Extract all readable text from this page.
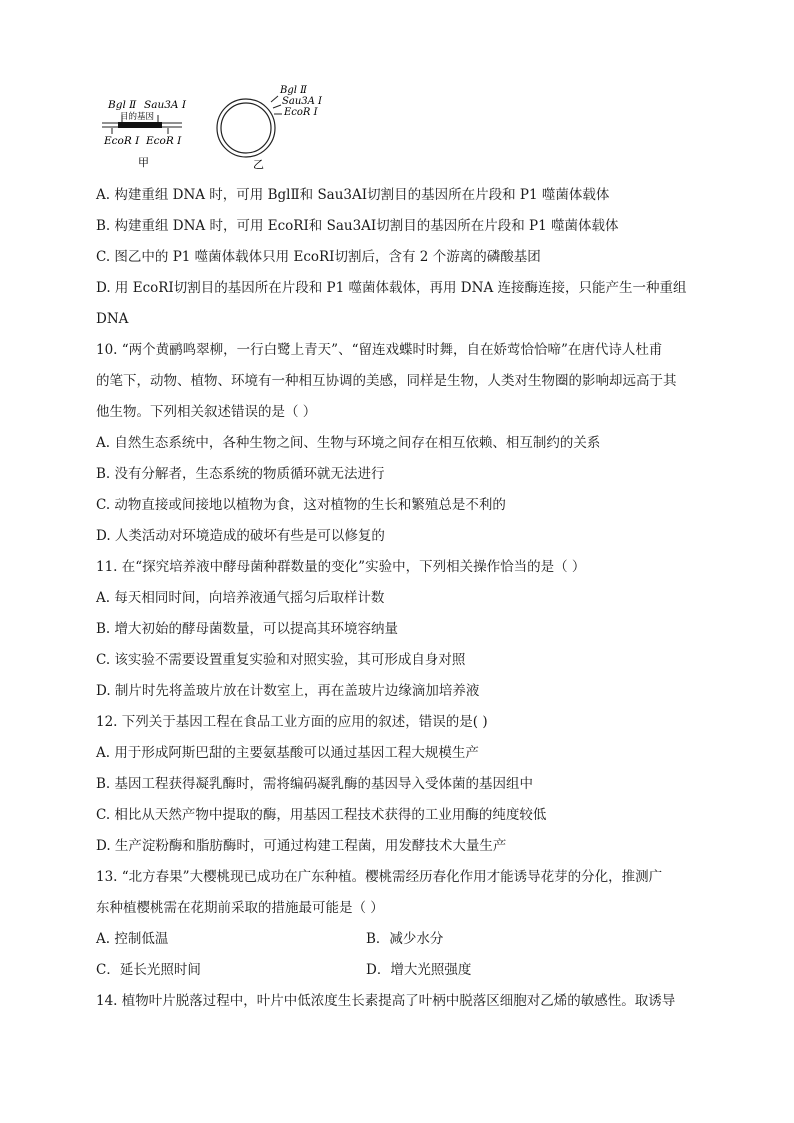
Bgl Ⅱ Sau3A Ⅰ
目的基因
EcoR Ⅰ EcoR Ⅰ
甲
Bgl Ⅱ
Sau3A Ⅰ
EcoR Ⅰ
乙
A. 构建重组 DNA 时，可用 BglⅡ和 Sau3AⅠ切割目的基因所在片段和 P1 噬菌体载体
B. 构建重组 DNA 时，可用 EcoRⅠ和 Sau3AⅠ切割目的基因所在片段和 P1 噬菌体载体
C. 图乙中的 P1 噬菌体载体只用 EcoRⅠ切割后，含有 2 个游离的磷酸基团
D. 用 EcoRⅠ切割目的基因所在片段和 P1 噬菌体载体，再用 DNA 连接酶连接，只能产生一种重组
DNA
10. “两个黄鹂鸣翠柳，一行白鹭上青天”、“留连戏蝶时时舞，自在娇莺恰恰啼”在唐代诗人杜甫
的笔下，动物、植物、环境有一种相互协调的美感，同样是生物，人类对生物圈的影响却远高于其
他生物。下列相关叙述错误的是（ ）
A. 自然生态系统中，各种生物之间、生物与环境之间存在相互依赖、相互制约的关系
B. 没有分解者，生态系统的物质循环就无法进行
C. 动物直接或间接地以植物为食，这对植物的生长和繁殖总是不利的
D. 人类活动对环境造成的破坏有些是可以修复的
11. 在“探究培养液中酵母菌种群数量的变化”实验中，下列相关操作恰当的是（ ）
A. 每天相同时间，向培养液通气摇匀后取样计数
B. 增大初始的酵母菌数量，可以提高其环境容纳量
C. 该实验不需要设置重复实验和对照实验，其可形成自身对照
D. 制片时先将盖玻片放在计数室上，再在盖玻片边缘滴加培养液
12. 下列关于基因工程在食品工业方面的应用的叙述，错误的是( )
A. 用于形成阿斯巴甜的主要氨基酸可以通过基因工程大规模生产
B. 基因工程获得凝乳酶时，需将编码凝乳酶的基因导入受体菌的基因组中
C. 相比从天然产物中提取的酶，用基因工程技术获得的工业用酶的纯度较低
D. 生产淀粉酶和脂肪酶时，可通过构建工程菌，用发酵技术大量生产
13. “北方春果”大樱桃现已成功在广东种植。樱桃需经历春化作用才能诱导花芽的分化，推测广
东种植樱桃需在花期前采取的措施最可能是（ ）
A. 控制低温	B．减少水分
C．延长光照时间	D．增大光照强度
14. 植物叶片脱落过程中，叶片中低浓度生长素提高了叶柄中脱落区细胞对乙烯的敏感性。取诱导
